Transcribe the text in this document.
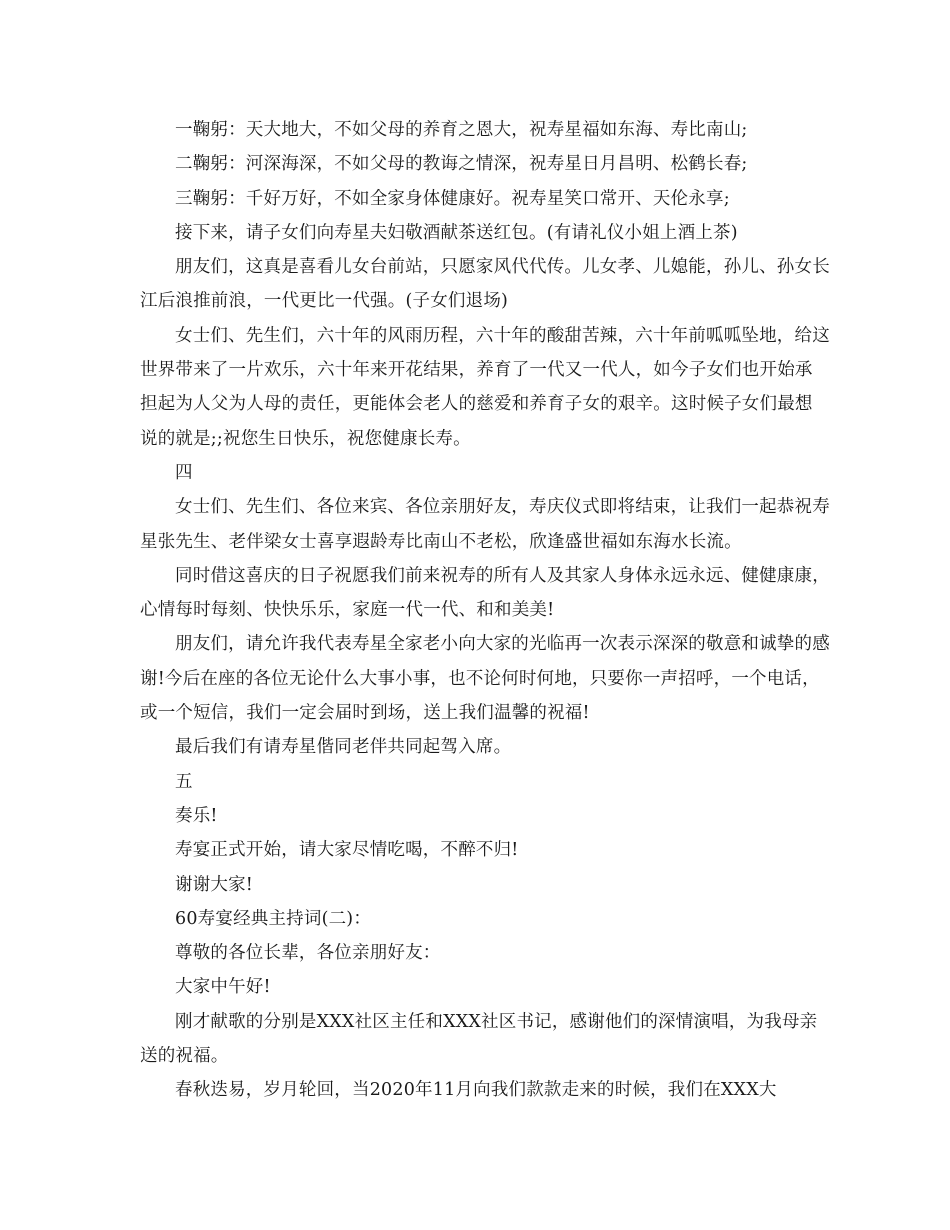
一鞠躬：天大地大，不如父母的养育之恩大，祝寿星福如东海、寿比南山;

二鞠躬：河深海深，不如父母的教诲之情深，祝寿星日月昌明、松鹤长春;

三鞠躬：千好万好，不如全家身体健康好。祝寿星笑口常开、天伦永享;

接下来，请子女们向寿星夫妇敬酒献茶送红包。(有请礼仪小姐上酒上茶)

朋友们，这真是喜看儿女台前站，只愿家风代代传。儿女孝、儿媳能，孙儿、孙女长江后浪推前浪，一代更比一代强。(子女们退场)

女士们、先生们，六十年的风雨历程，六十年的酸甜苦辣，六十年前呱呱坠地，给这世界带来了一片欢乐，六十年来开花结果，养育了一代又一代人，如今子女们也开始承担起为人父为人母的责任，更能体会老人的慈爱和养育子女的艰辛。这时候子女们最想说的就是;;祝您生日快乐，祝您健康长寿。

四

女士们、先生们、各位来宾、各位亲朋好友，寿庆仪式即将结束，让我们一起恭祝寿星张先生、老伴梁女士喜享遐龄寿比南山不老松，欣逢盛世福如东海水长流。

同时借这喜庆的日子祝愿我们前来祝寿的所有人及其家人身体永远永远、健健康康，心情每时每刻、快快乐乐，家庭一代一代、和和美美!

朋友们，请允许我代表寿星全家老小向大家的光临再一次表示深深的敬意和诚挚的感谢!今后在座的各位无论什么大事小事，也不论何时何地，只要你一声招呼，一个电话，或一个短信，我们一定会届时到场，送上我们温馨的祝福!

最后我们有请寿星偕同老伴共同起驾入席。

五

奏乐!

寿宴正式开始，请大家尽情吃喝，不醉不归!

谢谢大家!

60寿宴经典主持词(二)：

尊敬的各位长辈，各位亲朋好友：

大家中午好!

刚才献歌的分别是XXX社区主任和XXX社区书记，感谢他们的深情演唱，为我母亲送的祝福。

春秋迭易，岁月轮回，当2020年11月向我们款款走来的时候，我们在XXX大
